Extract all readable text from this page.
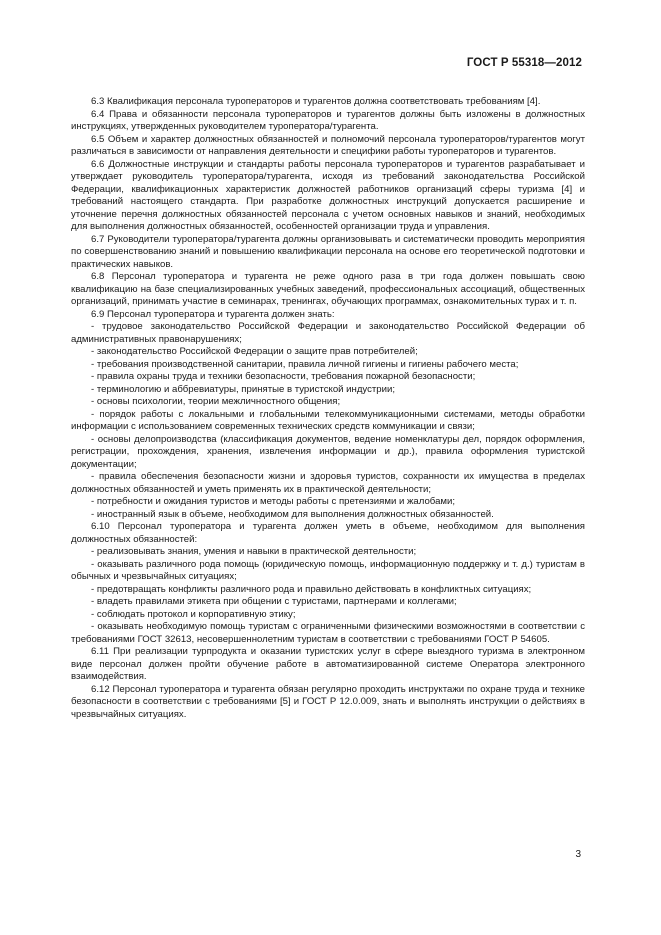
ГОСТ Р 55318—2012

6.3 Квалификация персонала туроператоров и турагентов должна соответствовать требованиям [4].

6.4 Права и обязанности персонала туроператоров и турагентов должны быть изложены в должностных инструкциях, утвержденных руководителем туроператора/турагента.

6.5 Объем и характер должностных обязанностей и полномочий персонала туроператоров/турагентов могут различаться в зависимости от направления деятельности и специфики работы туроператоров и турагентов.

6.6 Должностные инструкции и стандарты работы персонала туроператоров и турагентов разрабатывает и утверждает руководитель туроператора/турагента, исходя из требований законодательства Российской Федерации, квалификационных характеристик должностей работников организаций сферы туризма [4] и требований настоящего стандарта. При разработке должностных инструкций допускается расширение и уточнение перечня должностных обязанностей персонала с учетом основных навыков и знаний, необходимых для выполнения должностных обязанностей, особенностей организации труда и управления.

6.7 Руководители туроператора/турагента должны организовывать и систематически проводить мероприятия по совершенствованию знаний и повышению квалификации персонала на основе его теоретической подготовки и практических навыков.

6.8 Персонал туроператора и турагента не реже одного раза в три года должен повышать свою квалификацию на базе специализированных учебных заведений, профессиональных ассоциаций, общественных организаций, принимать участие в семинарах, тренингах, обучающих программах, ознакомительных турах и т. п.

6.9 Персонал туроператора и турагента должен знать:

- трудовое законодательство Российской Федерации и законодательство Российской Федерации об административных правонарушениях;

- законодательство Российской Федерации о защите прав потребителей;

- требования производственной санитарии, правила личной гигиены и гигиены рабочего места;

- правила охраны труда и техники безопасности, требования пожарной безопасности;

- терминологию и аббревиатуры, принятые в туристской индустрии;

- основы психологии, теории межличностного общения;

- порядок работы с локальными и глобальными телекоммуникационными системами, методы обработки информации с использованием современных технических средств коммуникации и связи;

- основы делопроизводства (классификация документов, ведение номенклатуры дел, порядок оформления, регистрации, прохождения, хранения, извлечения информации и др.), правила оформления туристской документации;

- правила обеспечения безопасности жизни и здоровья туристов, сохранности их имущества в пределах должностных обязанностей и уметь применять их в практической деятельности;

- потребности и ожидания туристов и методы работы с претензиями и жалобами;

- иностранный язык в объеме, необходимом для выполнения должностных обязанностей.

6.10 Персонал туроператора и турагента должен уметь в объеме, необходимом для выполнения должностных обязанностей:

- реализовывать знания, умения и навыки в практической деятельности;

- оказывать различного рода помощь (юридическую помощь, информационную поддержку и т. д.) туристам в обычных и чрезвычайных ситуациях;

- предотвращать конфликты различного рода и правильно действовать в конфликтных ситуациях;

- владеть правилами этикета при общении с туристами, партнерами и коллегами;

- соблюдать протокол и корпоративную этику;

- оказывать необходимую помощь туристам с ограниченными физическими возможностями в соответствии с требованиями ГОСТ 32613, несовершеннолетним туристам в соответствии с требованиями ГОСТ Р 54605.

6.11 При реализации турпродукта и оказании туристских услуг в сфере выездного туризма в электронном виде персонал должен пройти обучение работе в автоматизированной системе Оператора электронного взаимодействия.

6.12 Персонал туроператора и турагента обязан регулярно проходить инструктажи по охране труда и технике безопасности в соответствии с требованиями [5] и ГОСТ Р 12.0.009, знать и выполнять инструкции о действиях в чрезвычайных ситуациях.

3
